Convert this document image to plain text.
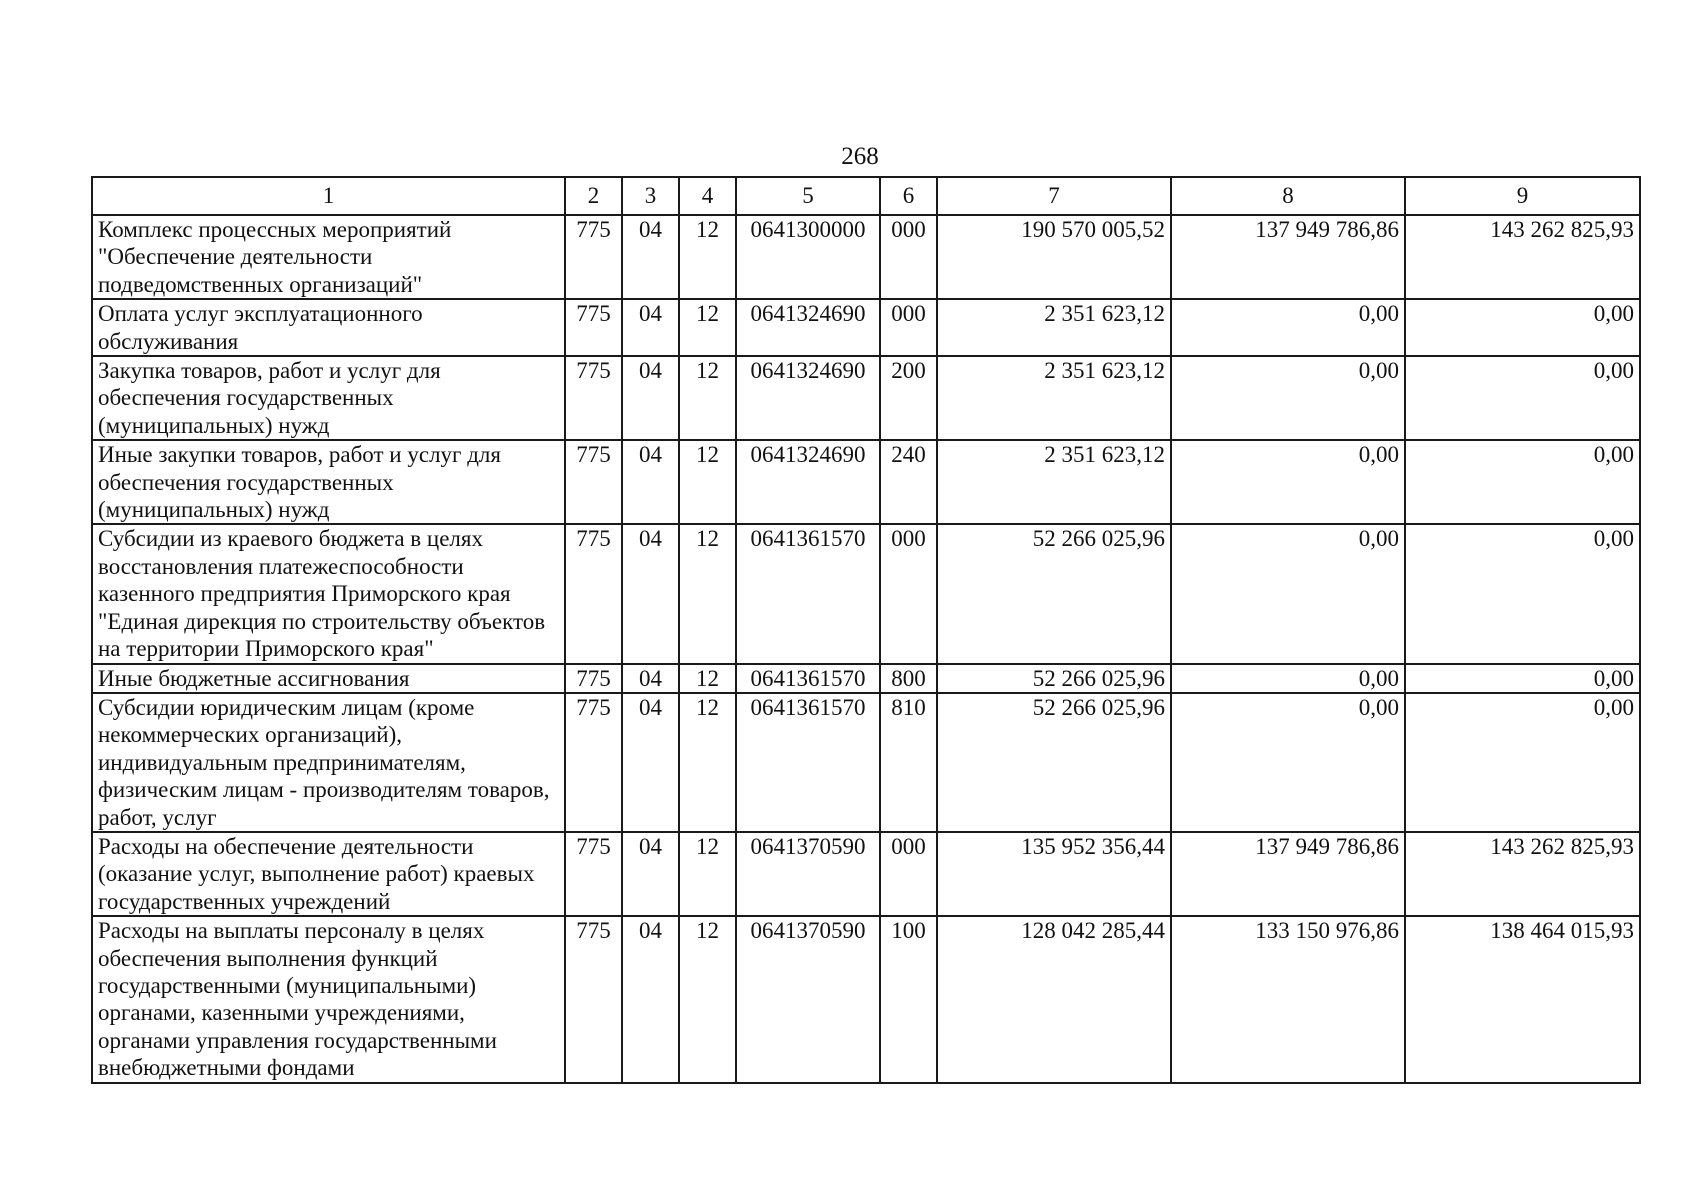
268
1	2	3	4	5	6	7	8	9
Комплекс процессных мероприятий "Обеспечение деятельности подведомственных организаций"	775	04	12	0641300000	000	190 570 005,52	137 949 786,86	143 262 825,93
Оплата услуг эксплуатационного обслуживания	775	04	12	0641324690	000	2 351 623,12	0,00	0,00
Закупка товаров, работ и услуг для обеспечения государственных (муниципальных) нужд	775	04	12	0641324690	200	2 351 623,12	0,00	0,00
Иные закупки товаров, работ и услуг для обеспечения государственных (муниципальных) нужд	775	04	12	0641324690	240	2 351 623,12	0,00	0,00
Субсидии из краевого бюджета в целях восстановления платежеспособности казенного предприятия Приморского края "Единая дирекция по строительству объектов на территории Приморского края"	775	04	12	0641361570	000	52 266 025,96	0,00	0,00
Иные бюджетные ассигнования	775	04	12	0641361570	800	52 266 025,96	0,00	0,00
Субсидии юридическим лицам (кроме некоммерческих организаций), индивидуальным предпринимателям, физическим лицам - производителям товаров, работ, услуг	775	04	12	0641361570	810	52 266 025,96	0,00	0,00
Расходы на обеспечение деятельности (оказание услуг, выполнение работ) краевых государственных учреждений	775	04	12	0641370590	000	135 952 356,44	137 949 786,86	143 262 825,93
Расходы на выплаты персоналу в целях обеспечения выполнения функций государственными (муниципальными) органами, казенными учреждениями, органами управления государственными внебюджетными фондами	775	04	12	0641370590	100	128 042 285,44	133 150 976,86	138 464 015,93
